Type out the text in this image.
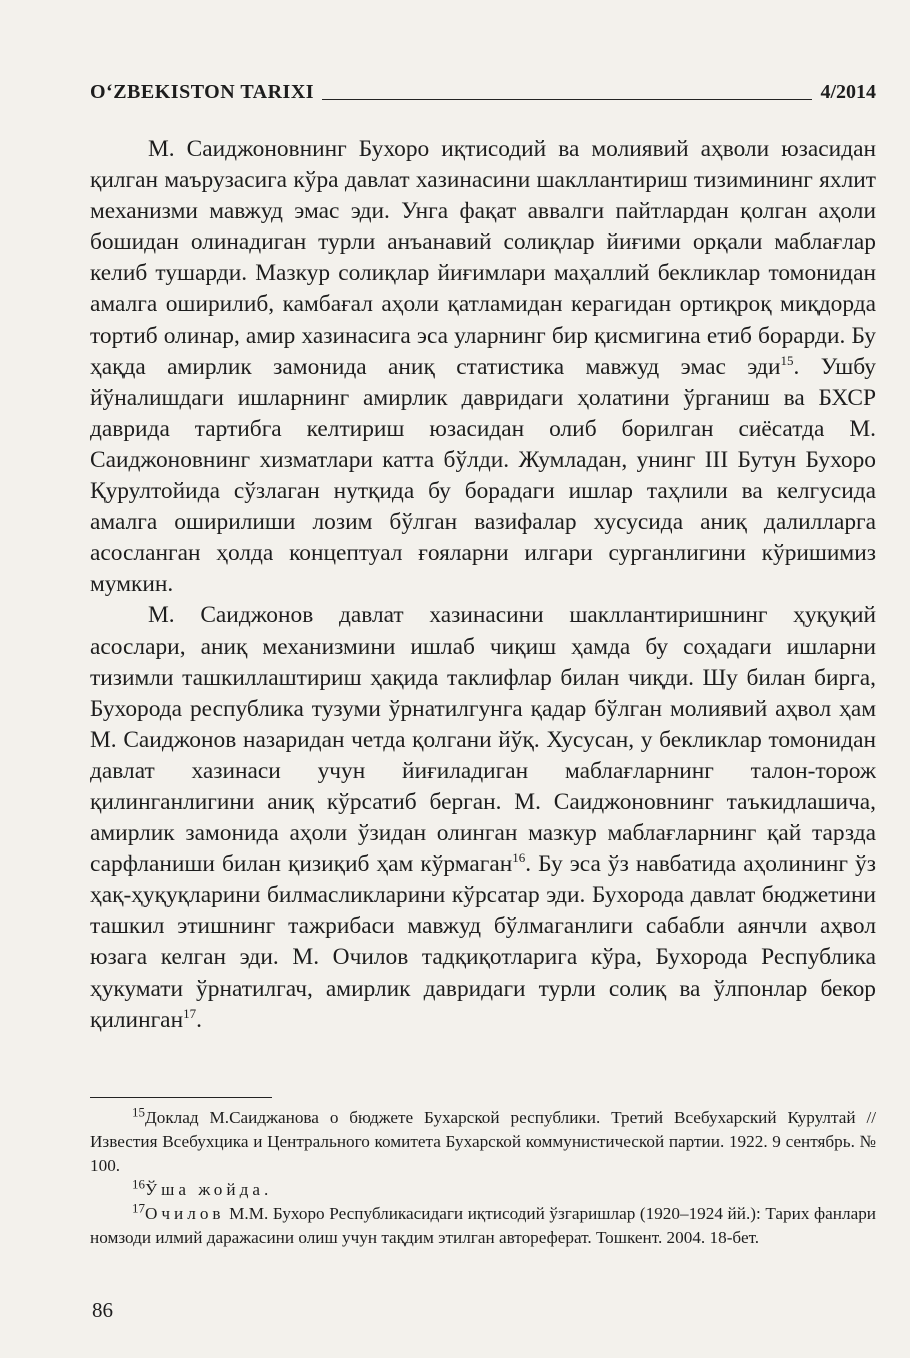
O‘ZBEKISTON TARIXI	4/2014

М. Саиджоновнинг Бухоро иқтисодий ва молиявий аҳволи юзасидан қилган маърузасига кўра давлат хазинасини шакллантириш тизимининг яхлит механизми мавжуд эмас эди. Унга фақат аввалги пайтлардан қолган аҳоли бошидан олинадиган турли анъанавий солиқлар йиғими орқали маблағлар келиб тушарди. Мазкур солиқлар йиғимлари маҳаллий бекликлар томонидан амалга оширилиб, камбағал аҳоли қатламидан керагидан ортиқроқ миқдорда тортиб олинар, амир хазинасига эса уларнинг бир қисмигина етиб борарди. Бу ҳақда амирлик замонида аниқ статистика мавжуд эмас эди$^{15}$. Ушбу йўналишдаги ишларнинг амирлик давридаги ҳолатини ўрганиш ва БХСР даврида тартибга келтириш юзасидан олиб борилган сиёсатда М. Саиджоновнинг хизматлари катта бўлди. Жумладан, унинг III Бутун Бухоро Қурултойида сўзлаган нутқида бу борадаги ишлар таҳлили ва келгусида амалга оширилиши лозим бўлган вазифалар хусусида аниқ далилларга асосланган ҳолда концептуал ғояларни илгари сурганлигини кўришимиз мумкин.

М. Саиджонов давлат хазинасини шакллантиришнинг ҳуқуқий асослари, аниқ механизмини ишлаб чиқиш ҳамда бу соҳадаги ишларни тизимли ташкиллаштириш ҳақида таклифлар билан чиқди. Шу билан бирга, Бухорода республика тузуми ўрнатилгунга қадар бўлган молиявий аҳвол ҳам М. Саиджонов назаридан четда қолгани йўқ. Хусусан, у бекликлар томонидан давлат хазинаси учун йиғиладиган маблағларнинг талон-торож қилинганлигини аниқ кўрсатиб берган. М. Саиджоновнинг таъкидлашича, амирлик замонида аҳоли ўзидан олинган мазкур маблағларнинг қай тарзда сарфланиши билан қизиқиб ҳам кўрмаган$^{16}$. Бу эса ўз навбатида аҳолининг ўз ҳақ-ҳуқуқларини билмасликларини кўрсатар эди. Бухорода давлат бюджетини ташкил этишнинг тажрибаси мавжуд бўлмаганлиги сабабли аянчли аҳвол юзага келган эди. М. Очилов тадқиқотларига кўра, Бухорода Республика ҳукумати ўрнатилгач, амирлик давридаги турли солиқ ва ўлпонлар бекор қилинган$^{17}$.

$^{15}$Доклад М.Саиджанова о бюджете Бухарской республики. Третий Всебухарский Курултай // Известия Всебухцика и Центрального комитета Бухарской коммунистической партии. 1922. 9 сентябрь. № 100.

$^{16}$Ўша жойда.

$^{17}$Очилов М.М. Бухоро Республикасидаги иқтисодий ўзгаришлар (1920–1924 йй.): Тарих фанлари номзоди илмий даражасини олиш учун тақдим этилган автореферат. Тошкент. 2004. 18-бет.

86
